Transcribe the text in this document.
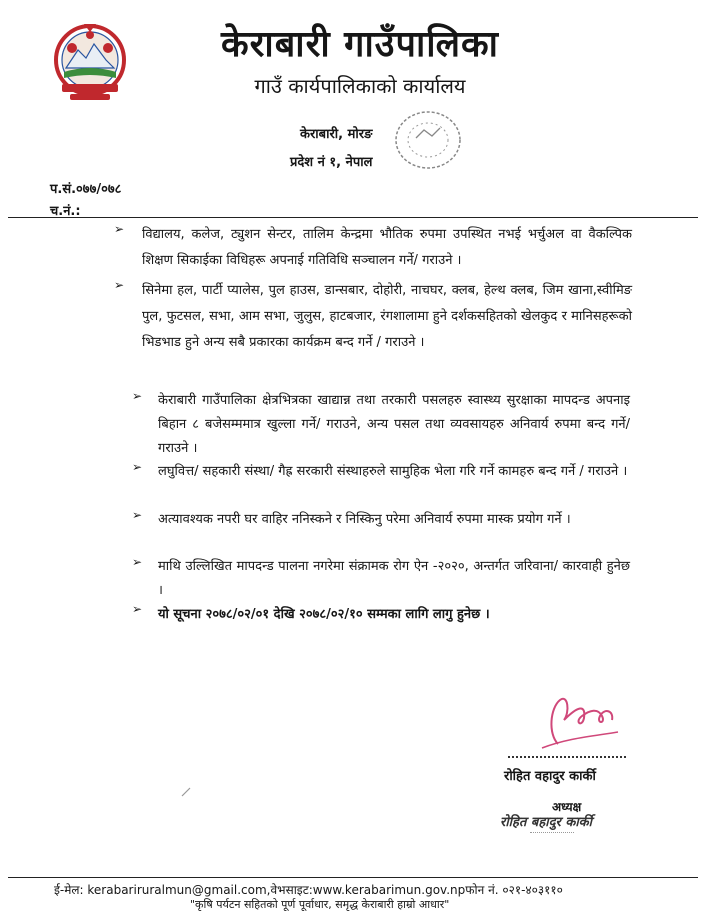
केराबारी गाउँपालिका
गाउँ कार्यपालिकाको कार्यालय
केराबारी, मोरङ
प्रदेश नं १, नेपाल
प.सं.०७७/०७८
च.नं.:
➢ विद्यालय, कलेज, ट्युशन सेन्टर, तालिम केन्द्रमा भौतिक रुपमा उपस्थित नभई भर्चुअल वा वैकल्पिक शिक्षण सिकाईका विधिहरू अपनाई गतिविधि सञ्चालन गर्ने/ गराउने ।
➢ सिनेमा हल, पार्टी प्यालेस, पुल हाउस, डान्सबार, दोहोरी, नाचघर, क्लब, हेल्थ क्लब, जिम खाना,स्वीमिङ पुल, फुटसल, सभा, आम सभा, जुलुस, हाटबजार, रंगशालामा हुने दर्शकसहितको खेलकुद र मानिसहरूको भिडभाड हुने अन्य सबै प्रकारका कार्यक्रम बन्द गर्ने / गराउने ।
➢ केराबारी गाउँपालिका क्षेत्रभित्रका खाद्यान्न तथा तरकारी पसलहरु स्वास्थ्य सुरक्षाका मापदन्ड अपनाइ बिहान ८ बजेसम्ममात्र खुल्ला गर्ने/ गराउने, अन्य पसल तथा व्यवसायहरु अनिवार्य रुपमा बन्द गर्ने/गराउने ।
➢ लघुवित्त/ सहकारी संस्था/ गैह्र सरकारी संस्थाहरुले सामुहिक भेला गरि गर्ने कामहरु बन्द गर्ने / गराउने ।
➢ अत्यावश्यक नपरी घर वाहिर ननिस्कने र निस्किनु परेमा अनिवार्य रुपमा मास्क प्रयोग गर्ने ।
➢ माथि उल्लिखित मापदन्ड पालना नगरेमा संक्रामक रोग ऐन -२०२०, अन्तर्गत जरिवाना/ कारवाही हुनेछ ।
➢ यो सूचना २०७८/०२/०१ देखि २०७८/०२/१० सम्मका लागि लागु हुनेछ ।
रोहित वहादुर कार्की
अध्यक्ष
रोहित बहादुर कार्की
ई-मेल: kerabariruralmun@gmail.com,वेभसाइट:www.kerabarimun.gov.npफोन नं. ०२१-४०३११०
"कृषि पर्यटन सहितको पूर्ण पूर्वाधार, समृद्ध केराबारी हाम्रो आधार"
